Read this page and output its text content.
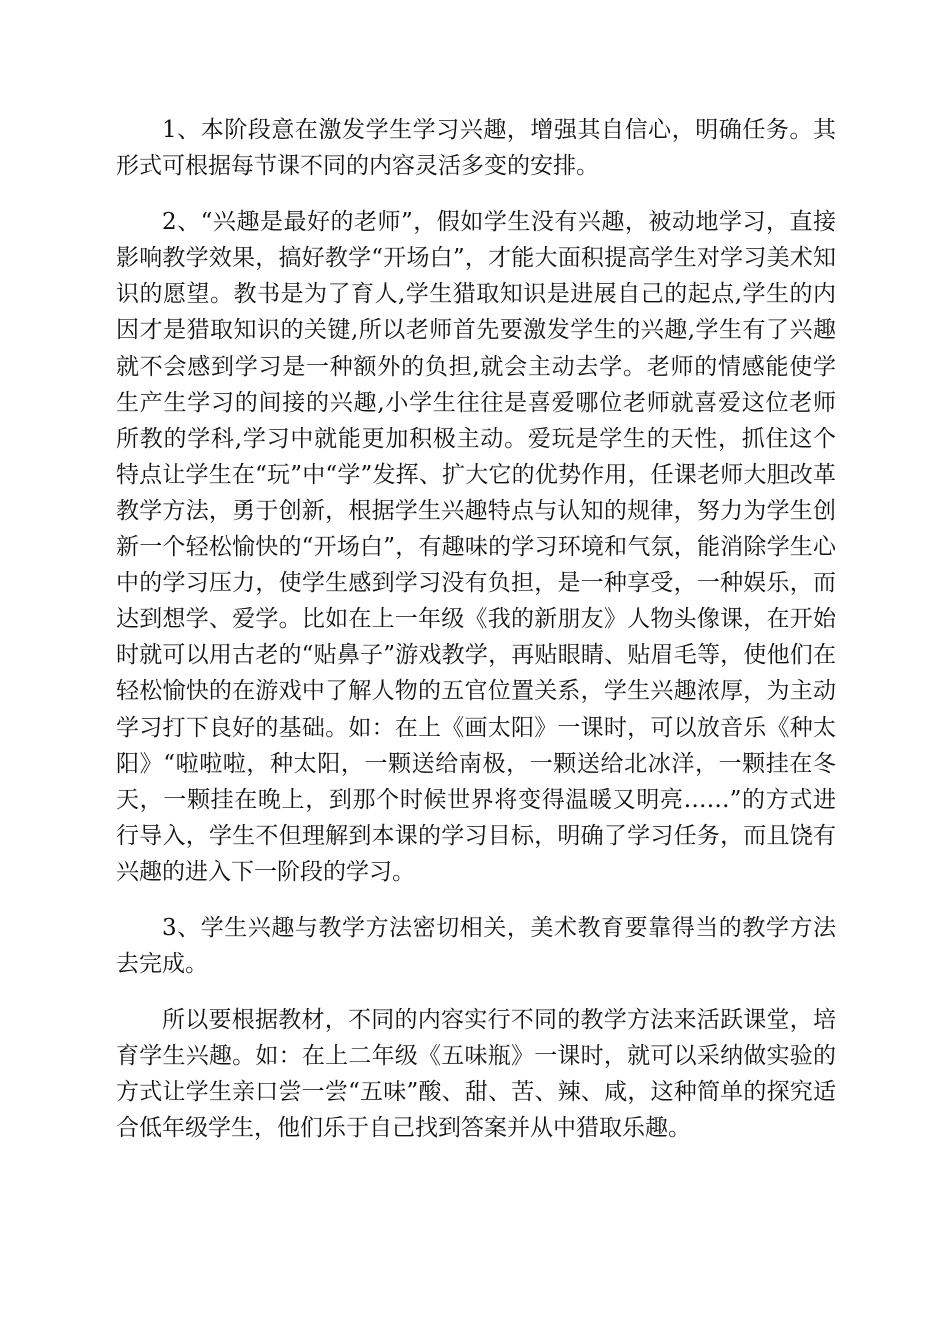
1、本阶段意在激发学生学习兴趣，增强其自信心，明确任务。其形式可根据每节课不同的内容灵活多变的安排。

2、“兴趣是最好的老师”，假如学生没有兴趣，被动地学习，直接影响教学效果，搞好教学“开场白”，才能大面积提高学生对学习美术知识的愿望。教书是为了育人,学生猎取知识是进展自己的起点,学生的内因才是猎取知识的关键,所以老师首先要激发学生的兴趣,学生有了兴趣就不会感到学习是一种额外的负担,就会主动去学。老师的情感能使学生产生学习的间接的兴趣,小学生往往是喜爱哪位老师就喜爱这位老师所教的学科,学习中就能更加积极主动。爱玩是学生的天性，抓住这个特点让学生在“玩”中“学”发挥、扩大它的优势作用，任课老师大胆改革教学方法，勇于创新，根据学生兴趣特点与认知的规律，努力为学生创新一个轻松愉快的“开场白”，有趣味的学习环境和气氛，能消除学生心中的学习压力，使学生感到学习没有负担，是一种享受，一种娱乐，而达到想学、爱学。比如在上一年级《我的新朋友》人物头像课，在开始时就可以用古老的“贴鼻子”游戏教学，再贴眼睛、贴眉毛等，使他们在轻松愉快的在游戏中了解人物的五官位置关系，学生兴趣浓厚，为主动学习打下良好的基础。如：在上《画太阳》一课时，可以放音乐《种太阳》“啦啦啦，种太阳，一颗送给南极，一颗送给北冰洋，一颗挂在冬天，一颗挂在晚上，到那个时候世界将变得温暖又明亮……”的方式进行导入，学生不但理解到本课的学习目标，明确了学习任务，而且饶有兴趣的进入下一阶段的学习。

3、学生兴趣与教学方法密切相关，美术教育要靠得当的教学方法去完成。

所以要根据教材，不同的内容实行不同的教学方法来活跃课堂，培育学生兴趣。如：在上二年级《五味瓶》一课时，就可以采纳做实验的方式让学生亲口尝一尝“五味”酸、甜、苦、辣、咸，这种简单的探究适合低年级学生，他们乐于自己找到答案并从中猎取乐趣。
